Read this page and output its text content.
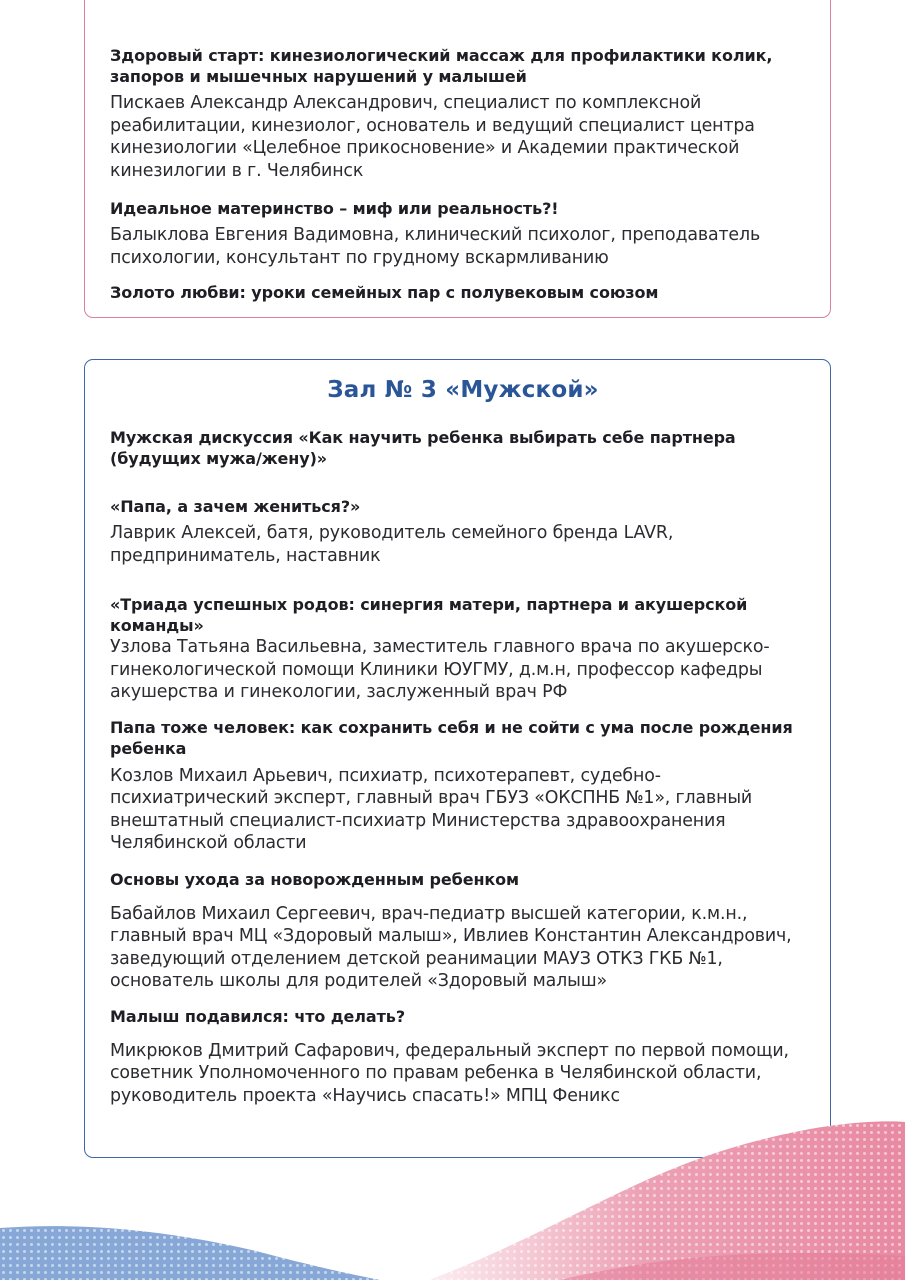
Здоровый старт: кинезиологический массаж для профилактики колик, запоров и мышечных нарушений у малышей
Пискаев Александр Александрович, специалист по комплексной реабилитации, кинезиолог, основатель и ведущий специалист центра кинезиологии «Целебное прикосновение» и Академии практической кинезилогии в г. Челябинск
Идеальное материнство – миф или реальность?!
Балыклова Евгения Вадимовна, клинический психолог, преподаватель психологии, консультант по грудному вскармливанию
Золото любви: уроки семейных пар с полувековым союзом
Зал № 3 «Мужской»
Мужская дискуссия «Как научить ребенка выбирать себе партнера (будущих мужа/жену)»
«Папа, а зачем жениться?»
Лаврик Алексей, батя, руководитель семейного бренда LAVR, предприниматель, наставник
«Триада успешных родов: синергия матери, партнера и акушерской команды»
Узлова Татьяна Васильевна, заместитель главного врача по акушерско-гинекологической помощи Клиники ЮУГМУ, д.м.н, профессор кафедры акушерства и гинекологии, заслуженный врач РФ
Папа тоже человек: как сохранить себя и не сойти с ума после рождения ребенка
Козлов Михаил Арьевич, психиатр, психотерапевт, судебно-психиатрический эксперт, главный врач ГБУЗ «ОКСПНБ №1», главный внештатный специалист-психиатр Министерства здравоохранения Челябинской области
Основы ухода за новорожденным ребенком
Бабайлов Михаил Сергеевич, врач-педиатр высшей категории, к.м.н., главный врач МЦ «Здоровый малыш», Ивлиев Константин Александрович, заведующий отделением детской реанимации МАУЗ ОТКЗ ГКБ №1, основатель школы для родителей «Здоровый малыш»
Малыш подавился: что делать?
Микрюков Дмитрий Сафарович, федеральный эксперт по первой помощи, советник Уполномоченного по правам ребенка в Челябинской области, руководитель проекта «Научись спасать!» МПЦ Феникс
